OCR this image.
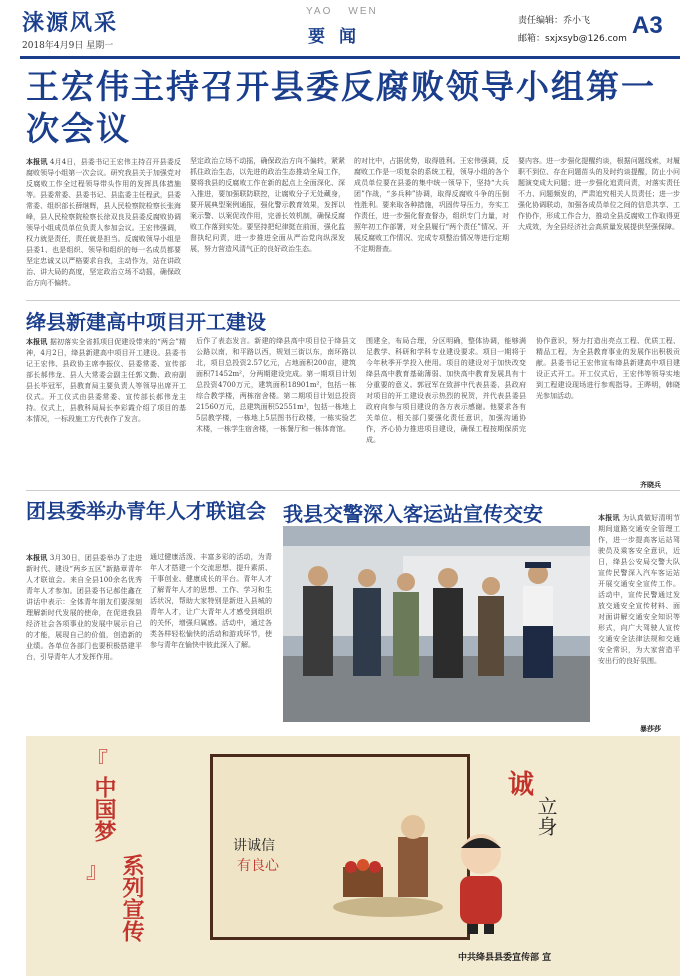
涞源风采
2018年4月9日 星期一
YAO WEN
要闻
责任编辑：乔小飞
邮箱：sxjxsyb@126.com A3
王宏伟主持召开县委反腐败领导小组第一次会议
本报讯 4月4日，县委书记王宏伟主持召开县委反腐败领导小组第一次会议。研究我县关于加强党对反腐败工作全过程领导带头作用的发挥具体措施等。县委常委、县委书记、县监委主任程武，县委常委、组织部长薛继辉，县人民检察院检察长张海峰，县人民检察院检察长徐双良及县委反腐败协调领导小组成员单位负责人参加会议。王宏伟强调，权力就是责任，责任就是担当。反腐败领导小组是县委1、也是组织、领导和组织的每一名成员都要坚定忠诚又以严格要求自我，主动作为，站在讲政治、讲大局的高度，坚定政治立场不动摇，确保政治方向不偏转。
坚定政治立场不动摇，确保政治方向不偏转，紧紧抓住政治生态，以先进的政治生态推动全局工作，要将我县的反腐败工作在新的起点上全面深化、深入推进，要加强联防联控，让腐败分子无处藏身，要开展典型案例通报，强化警示教育效果，发挥以案示警、以案促改作用，完善长效机制，确保反腐败工作落到实处。要坚持把纪律挺在前面，强化监督执纪问责，进一步推进全面从严治党向纵深发展，努力营造风清气正的良好政治生态。
的对比中，占据优势，取得胜利。王宏伟强调，反腐败工作是一项复杂的系统工程，领导小组的各个成员单位要在县委的集中统一领导下，坚持“大兵团”作战，“多兵种”协调，取得反腐败斗争的压倒性胜利。要来取各种措施，巩固传导压力，夯实工作责任，进一步强化督查督办，组织专门力量，对照年初工作部署，对全县履行“两个责任”情况、开展反腐败工作情况、完成专项整治情况等进行定期不定期督查。
要内容。进一步强化提醒约谈，根据问题线索，对履职不到位、存在问题苗头的及时约谈提醒，防止小问题演变成大问题；进一步强化追责问责，对落实责任不力、问题频发的，严肃追究相关人员责任；进一步强化协调联动，加强各成员单位之间的信息共享、工作协作，形成工作合力，推动全县反腐败工作取得更大成效，为全县经济社会高质量发展提供坚强保障。
绛县新建高中项目开工建设
本报讯 据初落实全省抓项目促建设带来的“两会”精神，4月2日，绛县新建高中项目开工建设。县委书记王宏伟、县政协主席李振仪、县委常委、宣传部部长郝伟龙、县人大常委会副主任郭文勤、政府副县长毕冠军，县教育局主要负责人等领导出席开工仪式。开工仪式由县委常委、宣传部长郝伟龙主持。仪式上，县教科局局长李彩霞介绍了项目的基本情况，一标段施工方代表作了发言。
后作了表态发言。新建的绛县高中项目位于绛县文公路以南，和平路以西，规划三街以东，南环路以北，项目总投资2.57亿元，占地面积200亩，建筑面积71452m²，分两期建设完成。第一期项目计划总投资4700万元，建筑面积18901m²，包括一栋综合教学楼，两栋宿舍楼。第二期项目计划总投资21560万元，总建筑面积52551m²，包括一栋地上5层教学楼，一栋地上5层图书行政楼，一栋实验艺术楼，一栋学生宿舍楼，一栋餐厅和一栋体育馆。
围建全，布局合理，分区明确，整体协调，能够满足教学、科研和学科专业建设要求。项目一期将于今年秋季开学投入使用。项目的建设对于加快改变绛县高中教育基础薄弱、加快高中教育发展具有十分重要的意义。郭冠军在致辞中代表县委、县政府对项目的开工建设表示热烈的祝贺，并代表县委县政府向参与项目建设的各方表示感谢。他要求各有关单位、相关部门要强化责任意识，加强沟通协作，齐心协力推进项目建设，确保工程按期保质完成。
协作意识，努力打造出亮点工程、优质工程、精品工程，为全县教育事业的发展作出积极贡献。县委书记王宏伟宣布绛县新建高中项目建设正式开工。开工仪式后，王宏伟等领导实地到工程建设现场进行参观指导。王晔明，韩晓光参加活动。
齐晓兵
团县委举办青年人才联谊会
本报讯 3月30日，团县委举办了走进新时代、建设“两乡五区”新路章青年人才联谊会。来自全县100余名优秀青年人才参加。团县委书记郝佳鑫在讲话中表示：全体青年朋友们要深刻理解新时代发展的使命，在促进我县经济社会各项事业的发展中展示自己的才能，展现自己的价值，创造新的业绩。各单位各部门也要积极搭建平台，引导青年人才发挥作用。
通过健康活泼、丰富多彩的活动，为青年人才搭建一个交流思想、提升素质、干事创业、健康成长的平台。青年人才了解青年人才的思想、工作、学习和生活状况，帮助大家特别是新进入县城的青年人才，让广大青年人才感受到组织的关怀，增强归属感。活动中，通过各类各样轻松愉快的活动和游戏环节，使参与青年在愉快中彼此深入了解。
我县交警深入客运站宣传交安	本报讯 为认真做好清明节期间道路交通安全管理工作，进一步提高客运站驾驶员及乘客安全意识，近日，绛县公安局交警大队宣传民警深入汽车客运站开展交通安全宣传工作。活动中，宣传民警通过发放交通安全宣传材料、面对面讲解交通安全知识等形式，向广大驾驶人宣传交通安全法律法规和交通安全常识，为大家营造平安出行的良好氛围。
暴莎莎
『
中国梦
』 系列宣传
讲诚信
有良心
诚
立身
中共绛县县委宣传部 宣
